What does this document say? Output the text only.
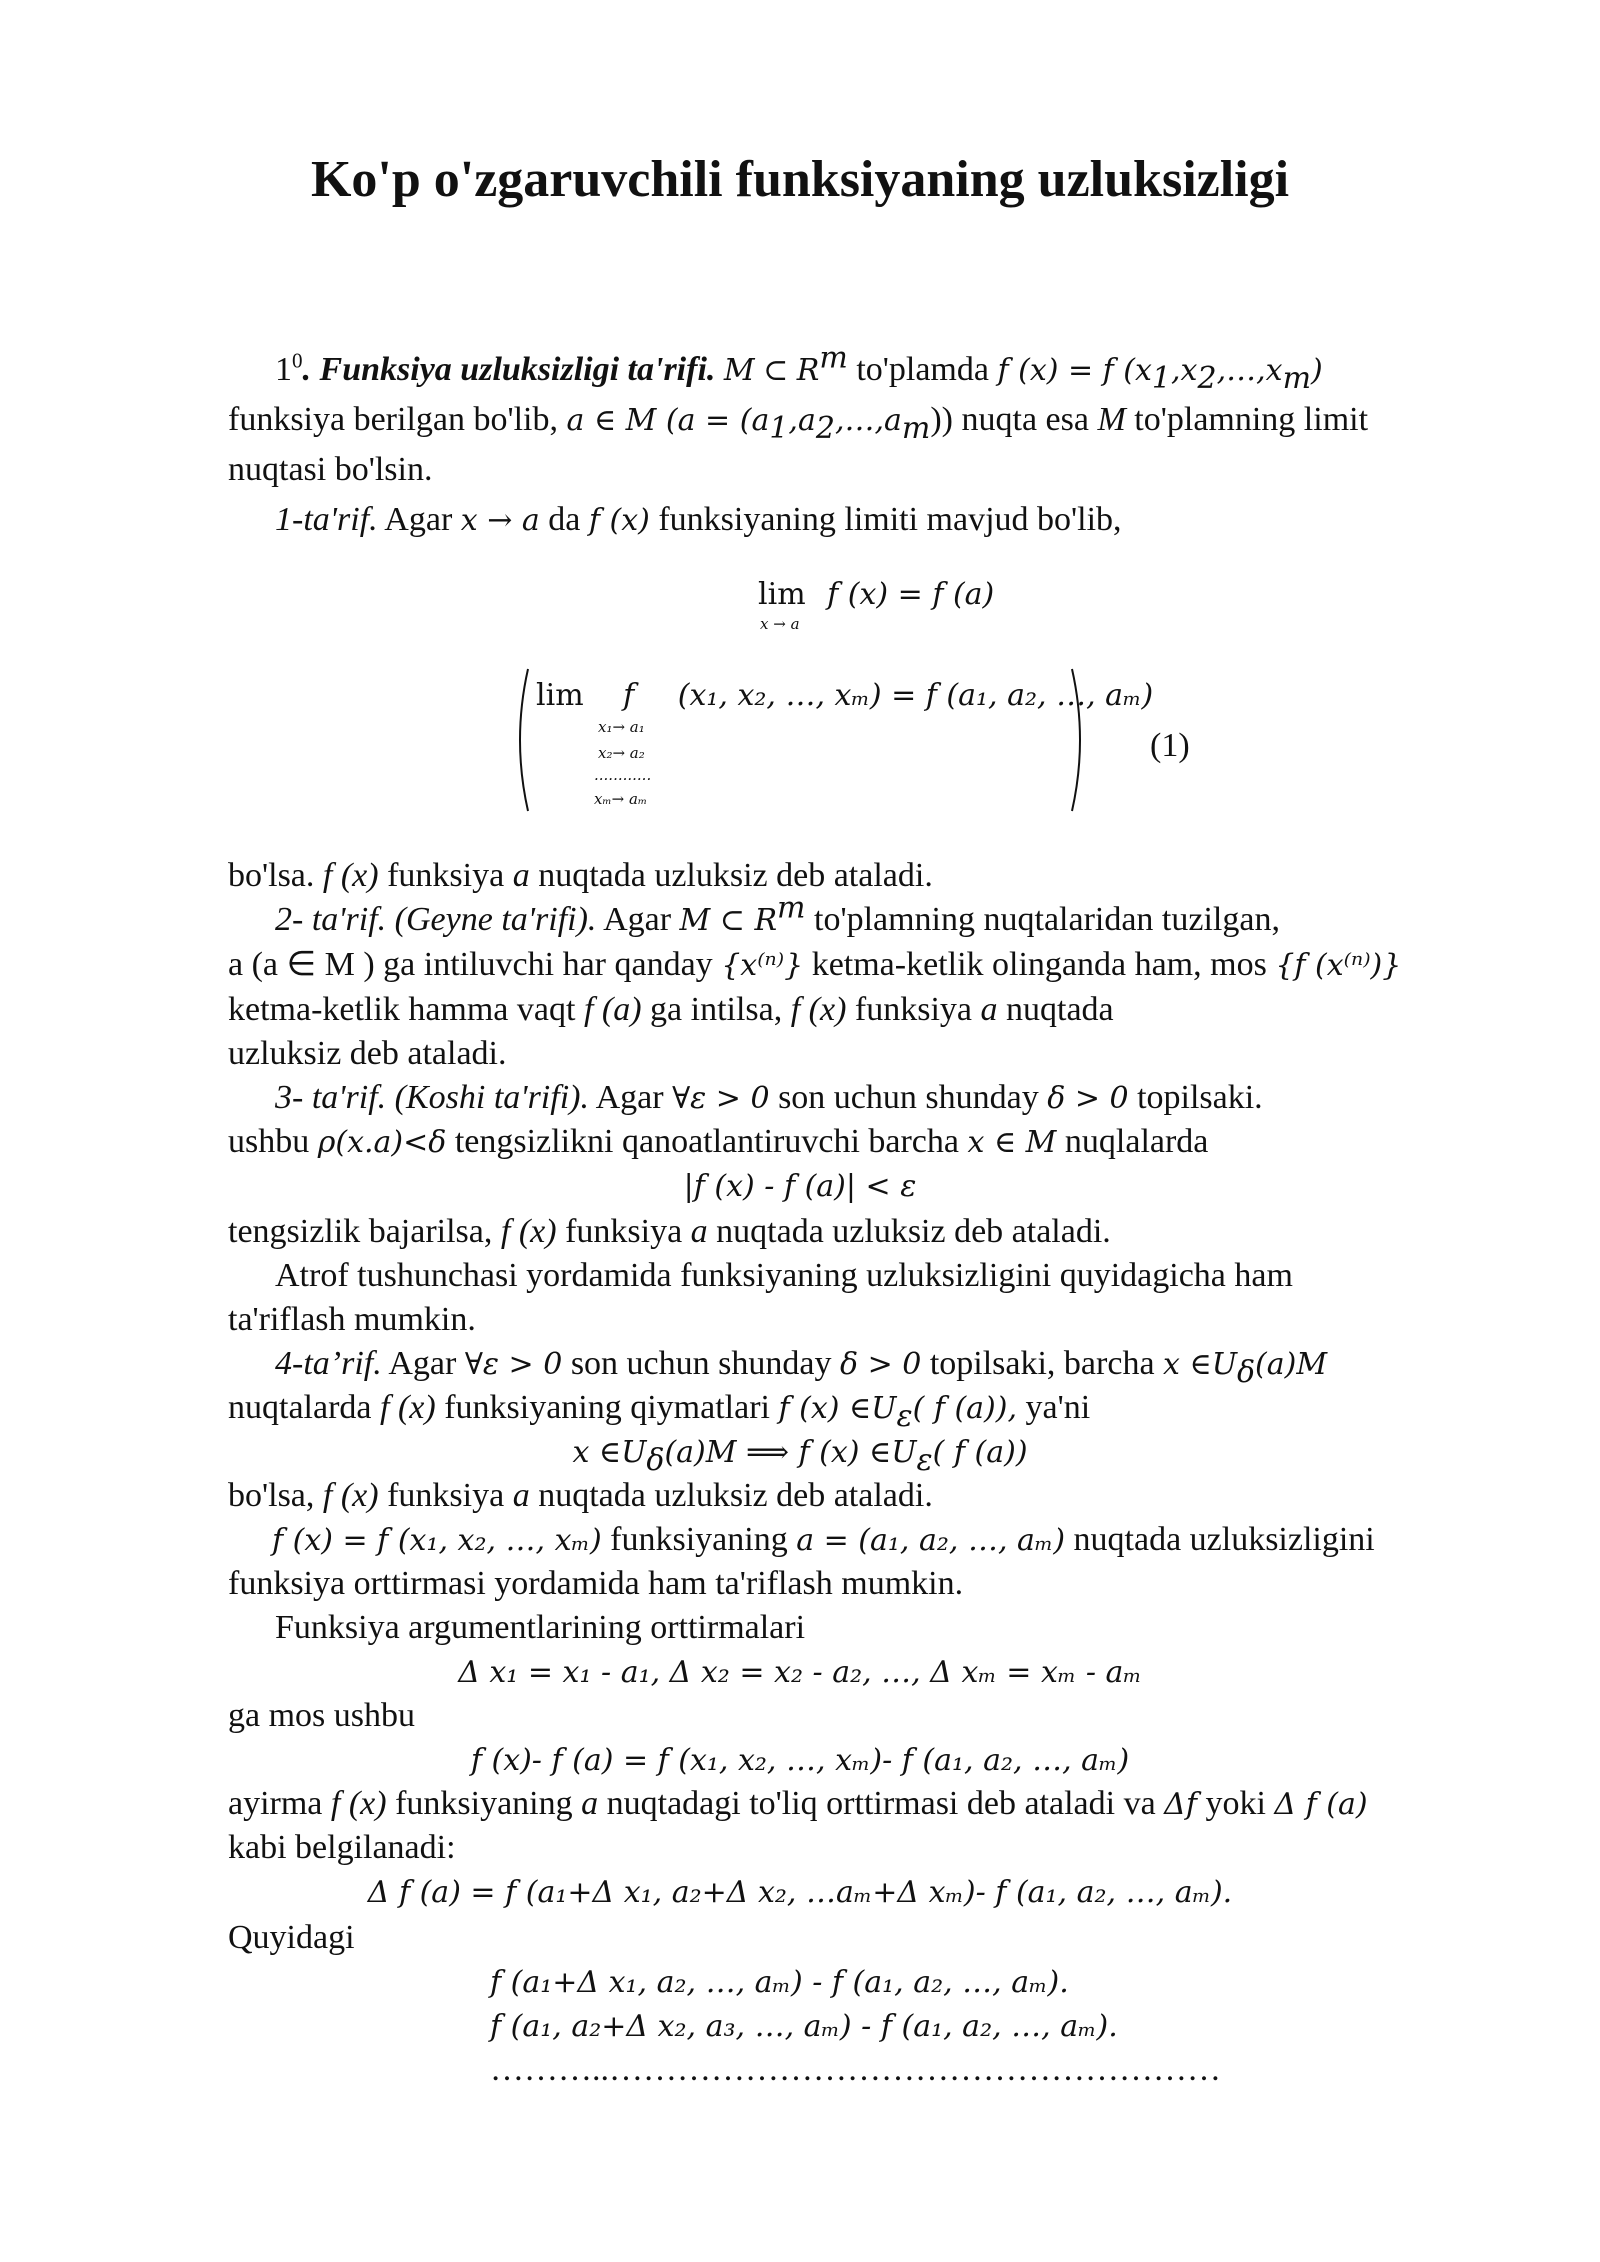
Ko'p o'zgaruvchili funksiyaning uzluksizligi
$1^0$. Funksiya uzluksizligi ta'rifi. M ⊂ $R^m$ to'plamda f (x) = f $(x_1,x_2,\dots,x_m)$
funksiya berilgan bo'lib, a ∈ M $(a = (a_1,a_2,\dots,a_m))$ nuqta esa M to'plamning limit
nuqtasi bo'lsin.
1-ta'rif. Agar x → a da f (x) funksiyaning limiti mavjud bo'lib,
lim f (x) = f (a)
x → a
lim f (x₁, x₂, …, xₘ) = f (a₁, a₂, …, aₘ)
x₁→ a₁
x₂→ a₂
............
xₘ→ aₘ
(1)
bo'lsa. f (x) funksiya a nuqtada uzluksiz deb ataladi.
2- ta'rif. (Geyne ta'rifi). Agar M ⊂ $R^m$ to'plamning nuqtalaridan tuzilgan,
a (a ∈ M ) ga intiluvchi har qanday {x⁽ⁿ⁾} ketma-ketlik olinganda ham, mos {f (x⁽ⁿ⁾)}
ketma-ketlik hamma vaqt f (a) ga intilsa, f (x) funksiya a nuqtada
uzluksiz deb ataladi.
3- ta'rif. (Koshi ta'rifi). Agar ∀ε > 0 son uchun shunday δ > 0 topilsaki.
ushbu ρ(x.a)<δ tengsizlikni qanoatlantiruvchi barcha x ∈ M nuqlalarda
|f (x) - f (a)| < ε
tengsizlik bajarilsa, f (x) funksiya a nuqtada uzluksiz deb ataladi.
Atrof tushunchasi yordamida funksiyaning uzluksizligini quyidagicha ham
ta'riflash mumkin.
4-ta’rif. Agar ∀ε > 0 son uchun shunday δ > 0 topilsaki, barcha x $\in U_\delta(a)M$
nuqtalarda f (x) funksiyaning qiymatlari f (x) $\in U_\varepsilon$( f (a)), ya'ni
x $\in U_\delta(a)M$ ⟹ f (x) $\in U_\varepsilon$( f (a))
bo'lsa, f (x) funksiya a nuqtada uzluksiz deb ataladi.
f (x) = f (x₁, x₂, …, xₘ) funksiyaning a = (a₁, a₂, …, aₘ) nuqtada uzluksizligini
funksiya orttirmasi yordamida ham ta'riflash mumkin.
Funksiya argumentlarining orttirmalari
Δ x₁ = x₁ - a₁, Δ x₂ = x₂ - a₂, …, Δ xₘ = xₘ - aₘ
ga mos ushbu
f (x)- f (a) = f (x₁, x₂, …, xₘ)- f (a₁, a₂, …, aₘ)
ayirma f (x) funksiyaning a nuqtadagi to'liq orttirmasi deb ataladi va Δf yoki Δ f (a)
kabi belgilanadi:
Δ f (a) = f (a₁+Δ x₁, a₂+Δ x₂, …aₘ+Δ xₘ)- f (a₁, a₂, …, aₘ).
Quyidagi
f (a₁+Δ x₁, a₂, …, aₘ) - f (a₁, a₂, …, aₘ).
f (a₁, a₂+Δ x₂, a₃, …, aₘ) - f (a₁, a₂, …, aₘ).
………..………………………………………………
